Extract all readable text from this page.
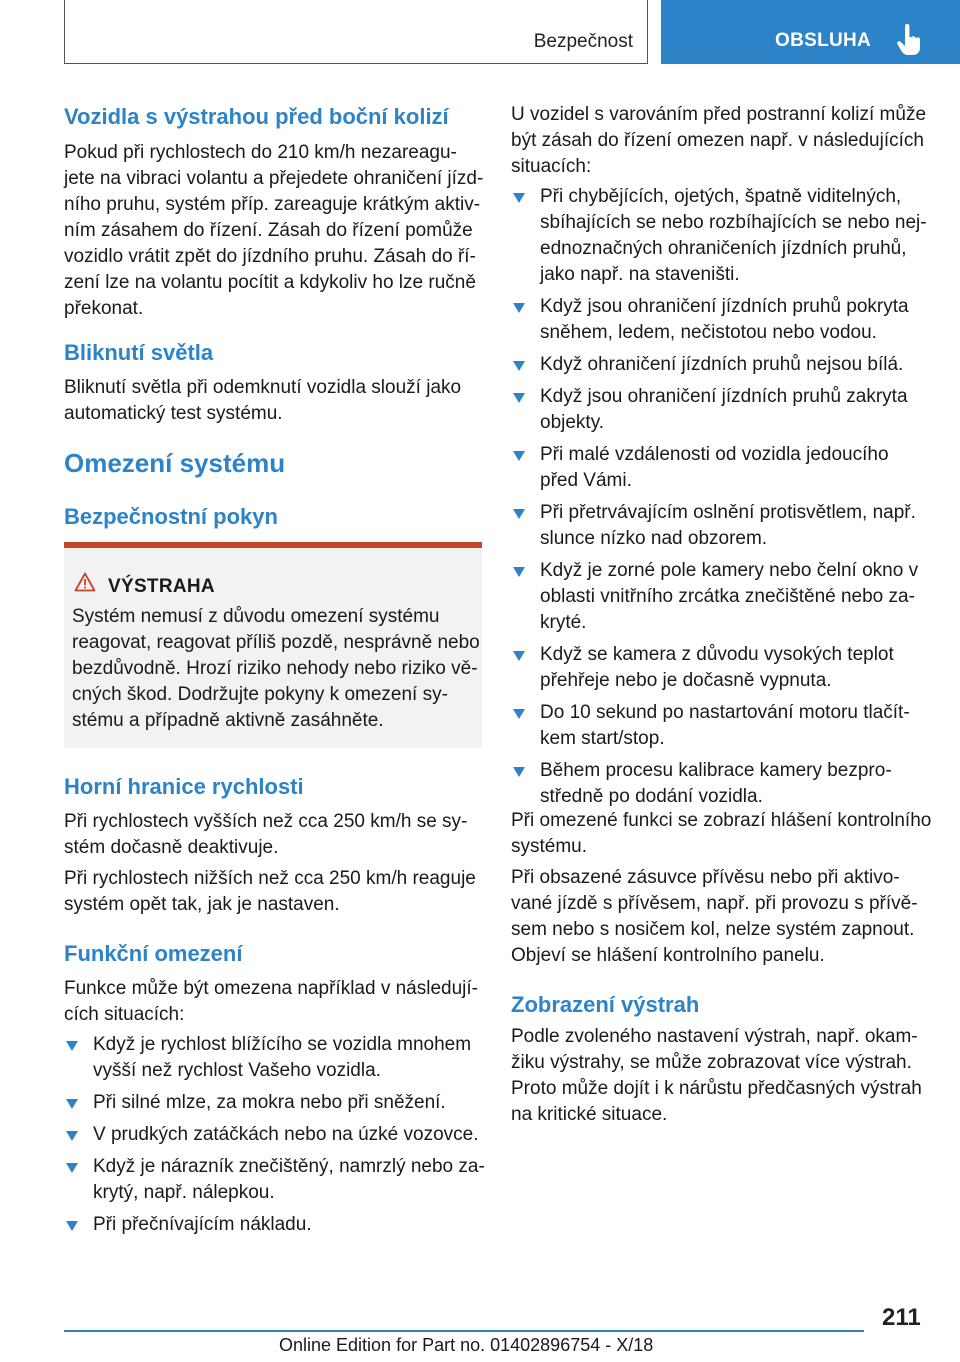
Bezpečnost	OBSLUHA
Vozidla s výstrahou před boční kolizí
Pokud při rychlostech do 210 km/h nezareagu‐
jete na vibraci volantu a přejedete ohraničení jízd‐
ního pruhu, systém příp. zareaguje krátkým aktiv‐
ním zásahem do řízení. Zásah do řízení pomůže
vozidlo vrátit zpět do jízdního pruhu. Zásah do ří‐
zení lze na volantu pocítit a kdykoliv ho lze ručně
překonat.
Bliknutí světla
Bliknutí světla při odemknutí vozidla slouží jako
automatický test systému.
Omezení systému
Bezpečnostní pokyn
Horní hranice rychlosti
Při rychlostech vyšších než cca 250 km/h se sy‐
stém dočasně deaktivuje.
Při rychlostech nižších než cca 250 km/h reaguje
systém opět tak, jak je nastaven.
Funkční omezení
Funkce může být omezena například v následují‐
cích situacích:
Když je rychlost blížícího se vozidla mnohem
vyšší než rychlost Vašeho vozidla.
Při silné mlze, za mokra nebo při sněžení.
V prudkých zatáčkách nebo na úzké vozovce.
Když je nárazník znečištěný, namrzlý nebo za‐
krytý, např. nálepkou.
Při přečnívajícím nákladu.
VÝSTRAHA
Systém nemusí z důvodu omezení systému
reagovat, reagovat příliš pozdě, nesprávně nebo
bezdůvodně. Hrozí riziko nehody nebo riziko vě‐
cných škod. Dodržujte pokyny k omezení sy‐
stému a případně aktivně zasáhněte.
U vozidel s varováním před postranní kolizí může
být zásah do řízení omezen např. v následujících
situacích:
Při chybějících, ojetých, špatně viditelných,
sbíhajících se nebo rozbíhajících se nebo nej‐
ednoznačných ohraničeních jízdních pruhů,
jako např. na staveništi.
Když jsou ohraničení jízdních pruhů pokryta
sněhem, ledem, nečistotou nebo vodou.
Když ohraničení jízdních pruhů nejsou bílá.
Když jsou ohraničení jízdních pruhů zakryta
objekty.
Při malé vzdálenosti od vozidla jedoucího
před Vámi.
Při přetrvávajícím oslnění protisvětlem, např.
slunce nízko nad obzorem.
Když je zorné pole kamery nebo čelní okno v
oblasti vnitřního zrcátka znečištěné nebo za‐
kryté.
Když se kamera z důvodu vysokých teplot
přehřeje nebo je dočasně vypnuta.
Do 10 sekund po nastartování motoru tlačít‐
kem start/stop.
Během procesu kalibrace kamery bezpro‐
středně po dodání vozidla.
Při omezené funkci se zobrazí hlášení kontrolního
systému.
Při obsazené zásuvce přívěsu nebo při aktivo‐
vané jízdě s přívěsem, např. při provozu s přívě‐
sem nebo s nosičem kol, nelze systém zapnout.
Objeví se hlášení kontrolního panelu.
Zobrazení výstrah
Podle zvoleného nastavení výstrah, např. okam‐
žiku výstrahy, se může zobrazovat více výstrah.
Proto může dojít i k nárůstu předčasných výstrah
na kritické situace.
211
Online Edition for Part no. 01402896754 - X/18
